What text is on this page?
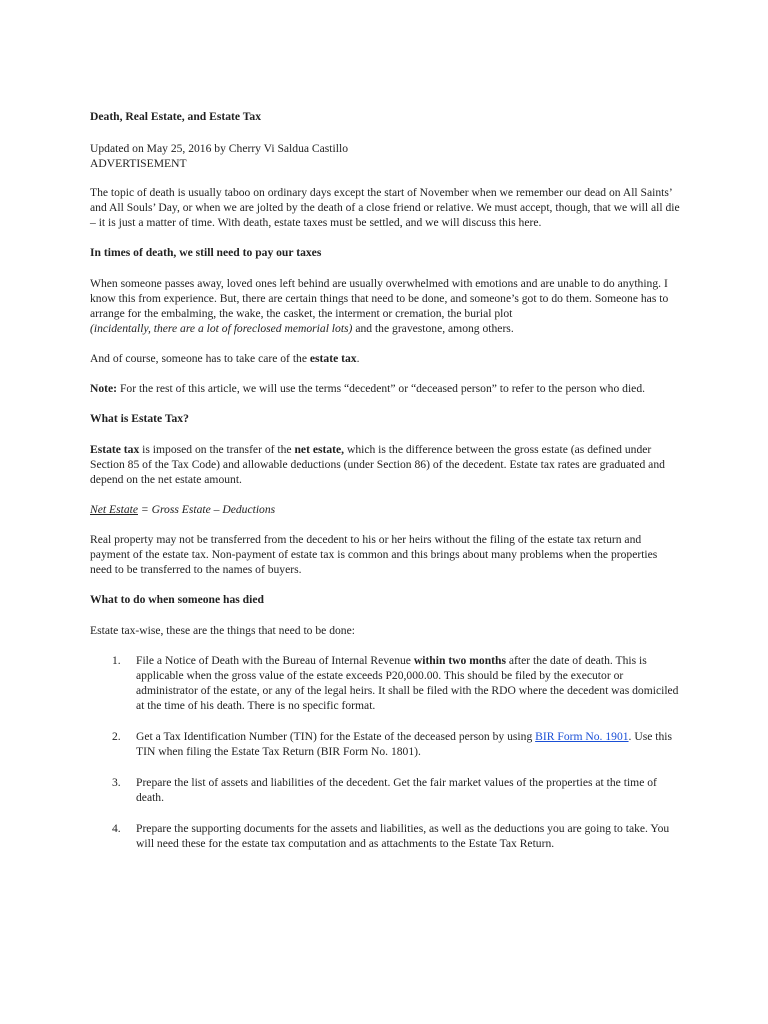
Death, Real Estate, and Estate Tax

Updated on May 25, 2016 by Cherry Vi Saldua Castillo
ADVERTISEMENT

The topic of death is usually taboo on ordinary days except the start of November when we remember our dead on All Saints’ and All Souls’ Day, or when we are jolted by the death of a close friend or relative. We must accept, though, that we will all die – it is just a matter of time. With death, estate taxes must be settled, and we will discuss this here.

In times of death, we still need to pay our taxes

When someone passes away, loved ones left behind are usually overwhelmed with emotions and are unable to do anything. I know this from experience. But, there are certain things that need to be done, and someone’s got to do them. Someone has to arrange for the embalming, the wake, the casket, the interment or cremation, the burial plot
(incidentally, there are a lot of foreclosed memorial lots) and the gravestone, among others.

And of course, someone has to take care of the estate tax.

Note: For the rest of this article, we will use the terms “decedent” or “deceased person” to refer to the person who died.

What is Estate Tax?

Estate tax is imposed on the transfer of the net estate, which is the difference between the gross estate (as defined under Section 85 of the Tax Code) and allowable deductions (under Section 86) of the decedent. Estate tax rates are graduated and depend on the net estate amount.

Net Estate = Gross Estate – Deductions

Real property may not be transferred from the decedent to his or her heirs without the filing of the estate tax return and payment of the estate tax. Non-payment of estate tax is common and this brings about many problems when the properties need to be transferred to the names of buyers.

What to do when someone has died

Estate tax-wise, these are the things that need to be done:

1. File a Notice of Death with the Bureau of Internal Revenue within two months after the date of death. This is applicable when the gross value of the estate exceeds P20,000.00. This should be filed by the executor or administrator of the estate, or any of the legal heirs. It shall be filed with the RDO where the decedent was domiciled at the time of his death. There is no specific format.
2. Get a Tax Identification Number (TIN) for the Estate of the deceased person by using BIR Form No. 1901. Use this TIN when filing the Estate Tax Return (BIR Form No. 1801).
3. Prepare the list of assets and liabilities of the decedent. Get the fair market values of the properties at the time of death.
4. Prepare the supporting documents for the assets and liabilities, as well as the deductions you are going to take. You will need these for the estate tax computation and as attachments to the Estate Tax Return.
